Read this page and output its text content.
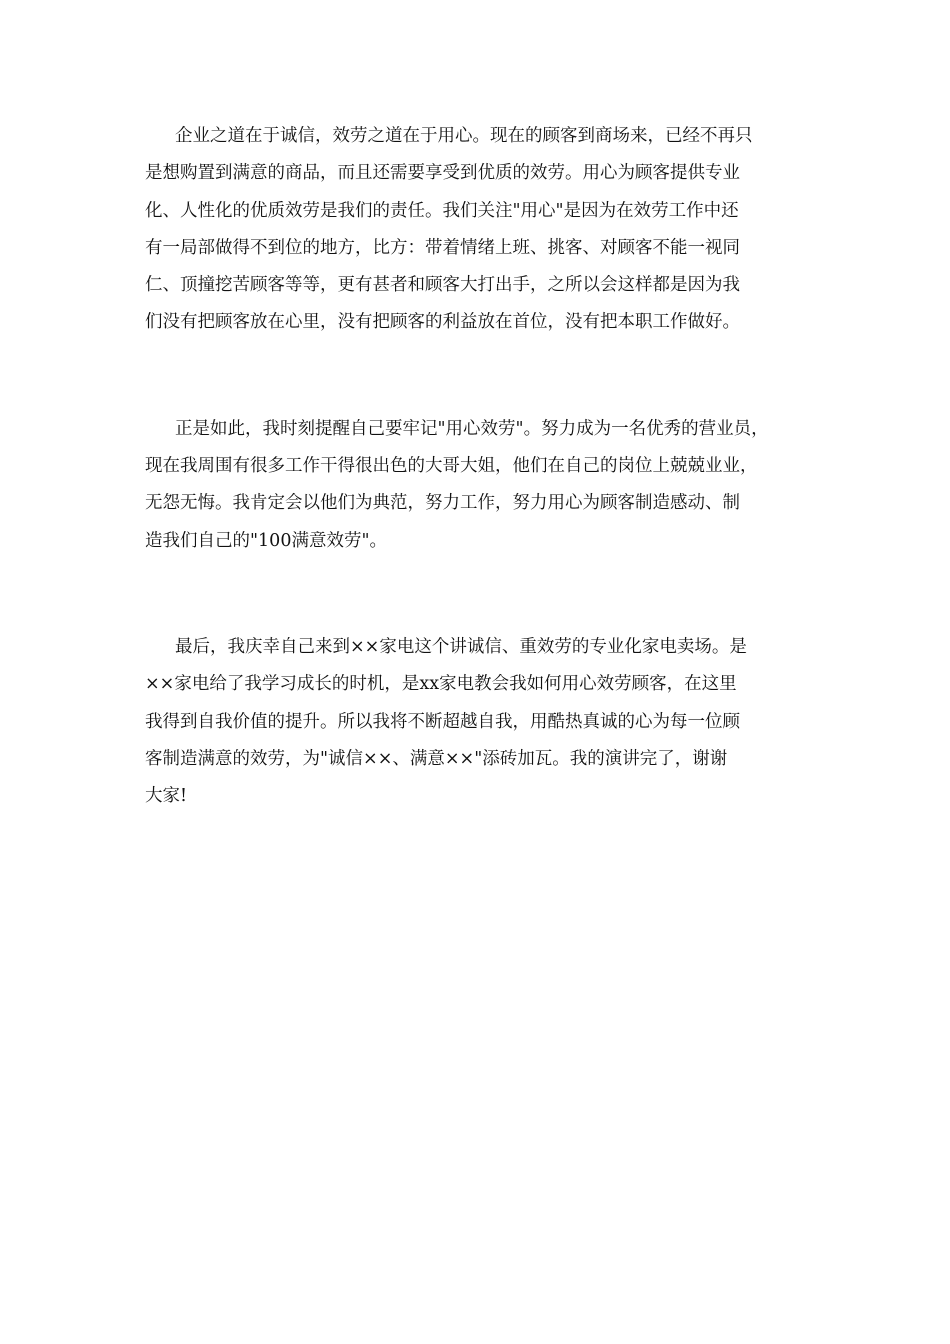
企业之道在于诚信，效劳之道在于用心。现在的顾客到商场来，已经不再只
是想购置到满意的商品，而且还需要享受到优质的效劳。用心为顾客提供专业
化、人性化的优质效劳是我们的责任。我们关注"用心"是因为在效劳工作中还
有一局部做得不到位的地方，比方：带着情绪上班、挑客、对顾客不能一视同
仁、顶撞挖苦顾客等等，更有甚者和顾客大打出手，之所以会这样都是因为我
们没有把顾客放在心里，没有把顾客的利益放在首位，没有把本职工作做好。

正是如此，我时刻提醒自己要牢记"用心效劳"。努力成为一名优秀的营业员，
现在我周围有很多工作干得很出色的大哥大姐，他们在自己的岗位上兢兢业业，
无怨无悔。我肯定会以他们为典范，努力工作，努力用心为顾客制造感动、制
造我们自己的"100满意效劳"。

最后，我庆幸自己来到××家电这个讲诚信、重效劳的专业化家电卖场。是
××家电给了我学习成长的时机，是xx家电教会我如何用心效劳顾客，在这里
我得到自我价值的提升。所以我将不断超越自我，用酷热真诚的心为每一位顾
客制造满意的效劳，为"诚信××、满意××"添砖加瓦。我的演讲完了，谢谢
大家!
